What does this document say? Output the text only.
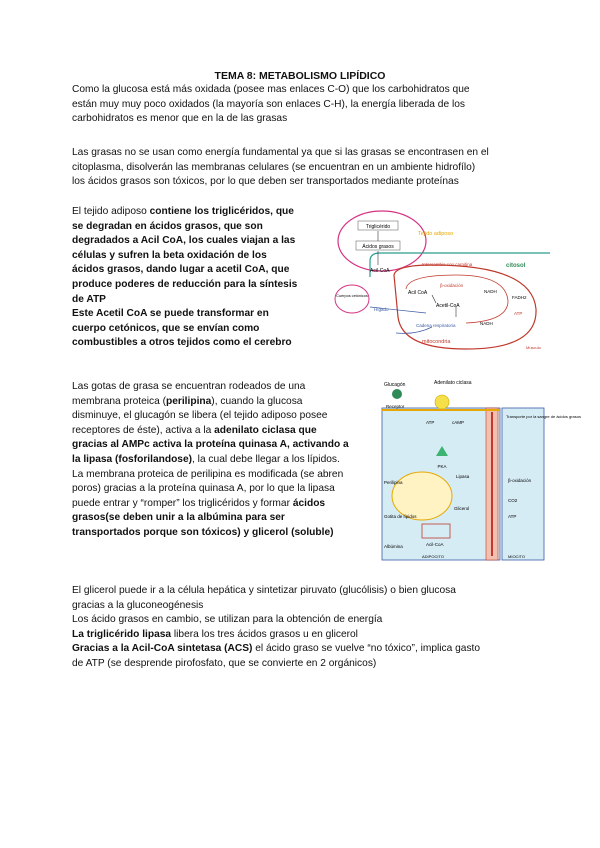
TEMA 8: METABOLISMO LIPÍDICO
Como la glucosa está más oxidada (posee mas enlaces C-O) que los carbohidratos que
están muy muy poco oxidados (la mayoría son enlaces C-H), la energía liberada de los
carbohidratos es menor que en la de las grasas
Las grasas no se usan como energía fundamental ya que si las grasas se encontrasen en el
citoplasma, disolverán las membranas celulares (se encuentran en un ambiente hidrofílo)
los ácidos grasos son tóxicos, por lo que deben ser transportados mediante proteínas
El tejido adiposo contiene los triglicéridos, que
se degradan en ácidos grasos, que son
degradados a Acil CoA, los cuales viajan a las
células y sufren la beta oxidación de los
ácidos grasos, dando lugar a acetil CoA, que
produce poderes de reducción para la síntesis
de ATP
Este Acetil CoA se puede transformar en
cuerpo cetónicos, que se envían como
combustibles a otros tejidos como el cerebro
Triglicérido
Ácidos grasos
Tejido adiposo
citosol
Acil-CoA
Intercambio con carnitina
Acil CoA
β-oxidación
NADH
FADH2
Acetil-CoA
Cuerpos cetónicos
Hígado
Cadena respiratoria
ATP
NADH
mitocondria
Músculo
Las gotas de grasa se encuentran rodeados de una
membrana proteica (perilipina), cuando la glucosa
disminuye, el glucagón se libera (el tejido adiposo posee
receptores de éste), activa a la adenilato ciclasa que
gracias al AMPc activa la proteína quinasa A, activando a
la lipasa (fosforilandose), la cual debe llegar a los lípidos.
La membrana proteica de perilipina es modificada (se abren
poros) gracias a la proteína quinasa A, por lo que la lipasa
puede entrar y “romper” los triglicéridos y formar ácidos
grasos(se deben unir a la albúmina para ser
transportados porque son tóxicos) y glicerol (soluble)
Glucagón	Adenilato ciclasa
Receptor
ATP	cAMP
PKA
Perilipina
Lipasa
Gotita de lípidos
Glicerol
Albúmina	Acil-CoA
Transporte por la sangre de ácidos grasos
β-oxidación
CO2
ATP
ADIPOCITO	MIOCITO
El glicerol puede ir a la célula hepática y sintetizar piruvato (glucólisis) o bien glucosa
gracias a la gluconeogénesis
Los ácido grasos en cambio, se utilizan para la obtención de energía
La triglicérido lipasa libera los tres ácidos grasos u en glicerol
Gracias a la Acil-CoA sintetasa (ACS) el ácido graso se vuelve “no tóxico”, implica gasto
de ATP (se desprende pirofosfato, que se convierte en 2 orgánicos)
